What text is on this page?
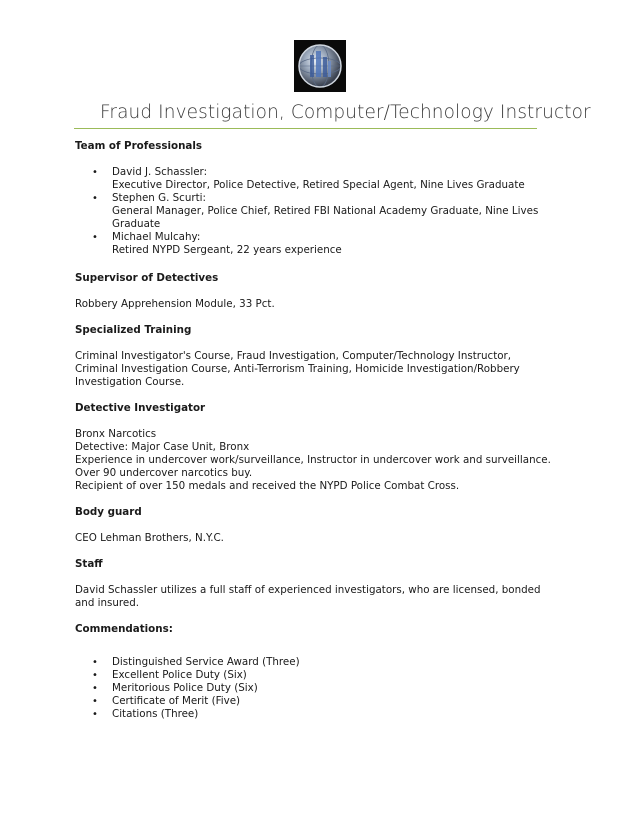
Fraud Investigation, Computer/Technology Instructor

Team of Professionals

• David J. Schassler:
Executive Director, Police Detective, Retired Special Agent, Nine Lives Graduate
• Stephen G. Scurti:
General Manager, Police Chief, Retired FBI National Academy Graduate, Nine Lives Graduate
• Michael Mulcahy:
Retired NYPD Sergeant, 22 years experience

Supervisor of Detectives

Robbery Apprehension Module, 33 Pct.

Specialized Training

Criminal Investigator's Course, Fraud Investigation, Computer/Technology Instructor, Criminal Investigation Course, Anti-Terrorism Training, Homicide Investigation/Robbery Investigation Course.

Detective Investigator

Bronx Narcotics

Detective: Major Case Unit, Bronx

Experience in undercover work/surveillance, Instructor in undercover work and surveillance.

Over 90 undercover narcotics buy.

Recipient of over 150 medals and received the NYPD Police Combat Cross.

Body guard

CEO Lehman Brothers, N.Y.C.

Staff

David Schassler utilizes a full staff of experienced investigators, who are licensed, bonded and insured.

Commendations:

• Distinguished Service Award (Three)
• Excellent Police Duty (Six)
• Meritorious Police Duty (Six)
• Certificate of Merit (Five)
• Citations (Three)
